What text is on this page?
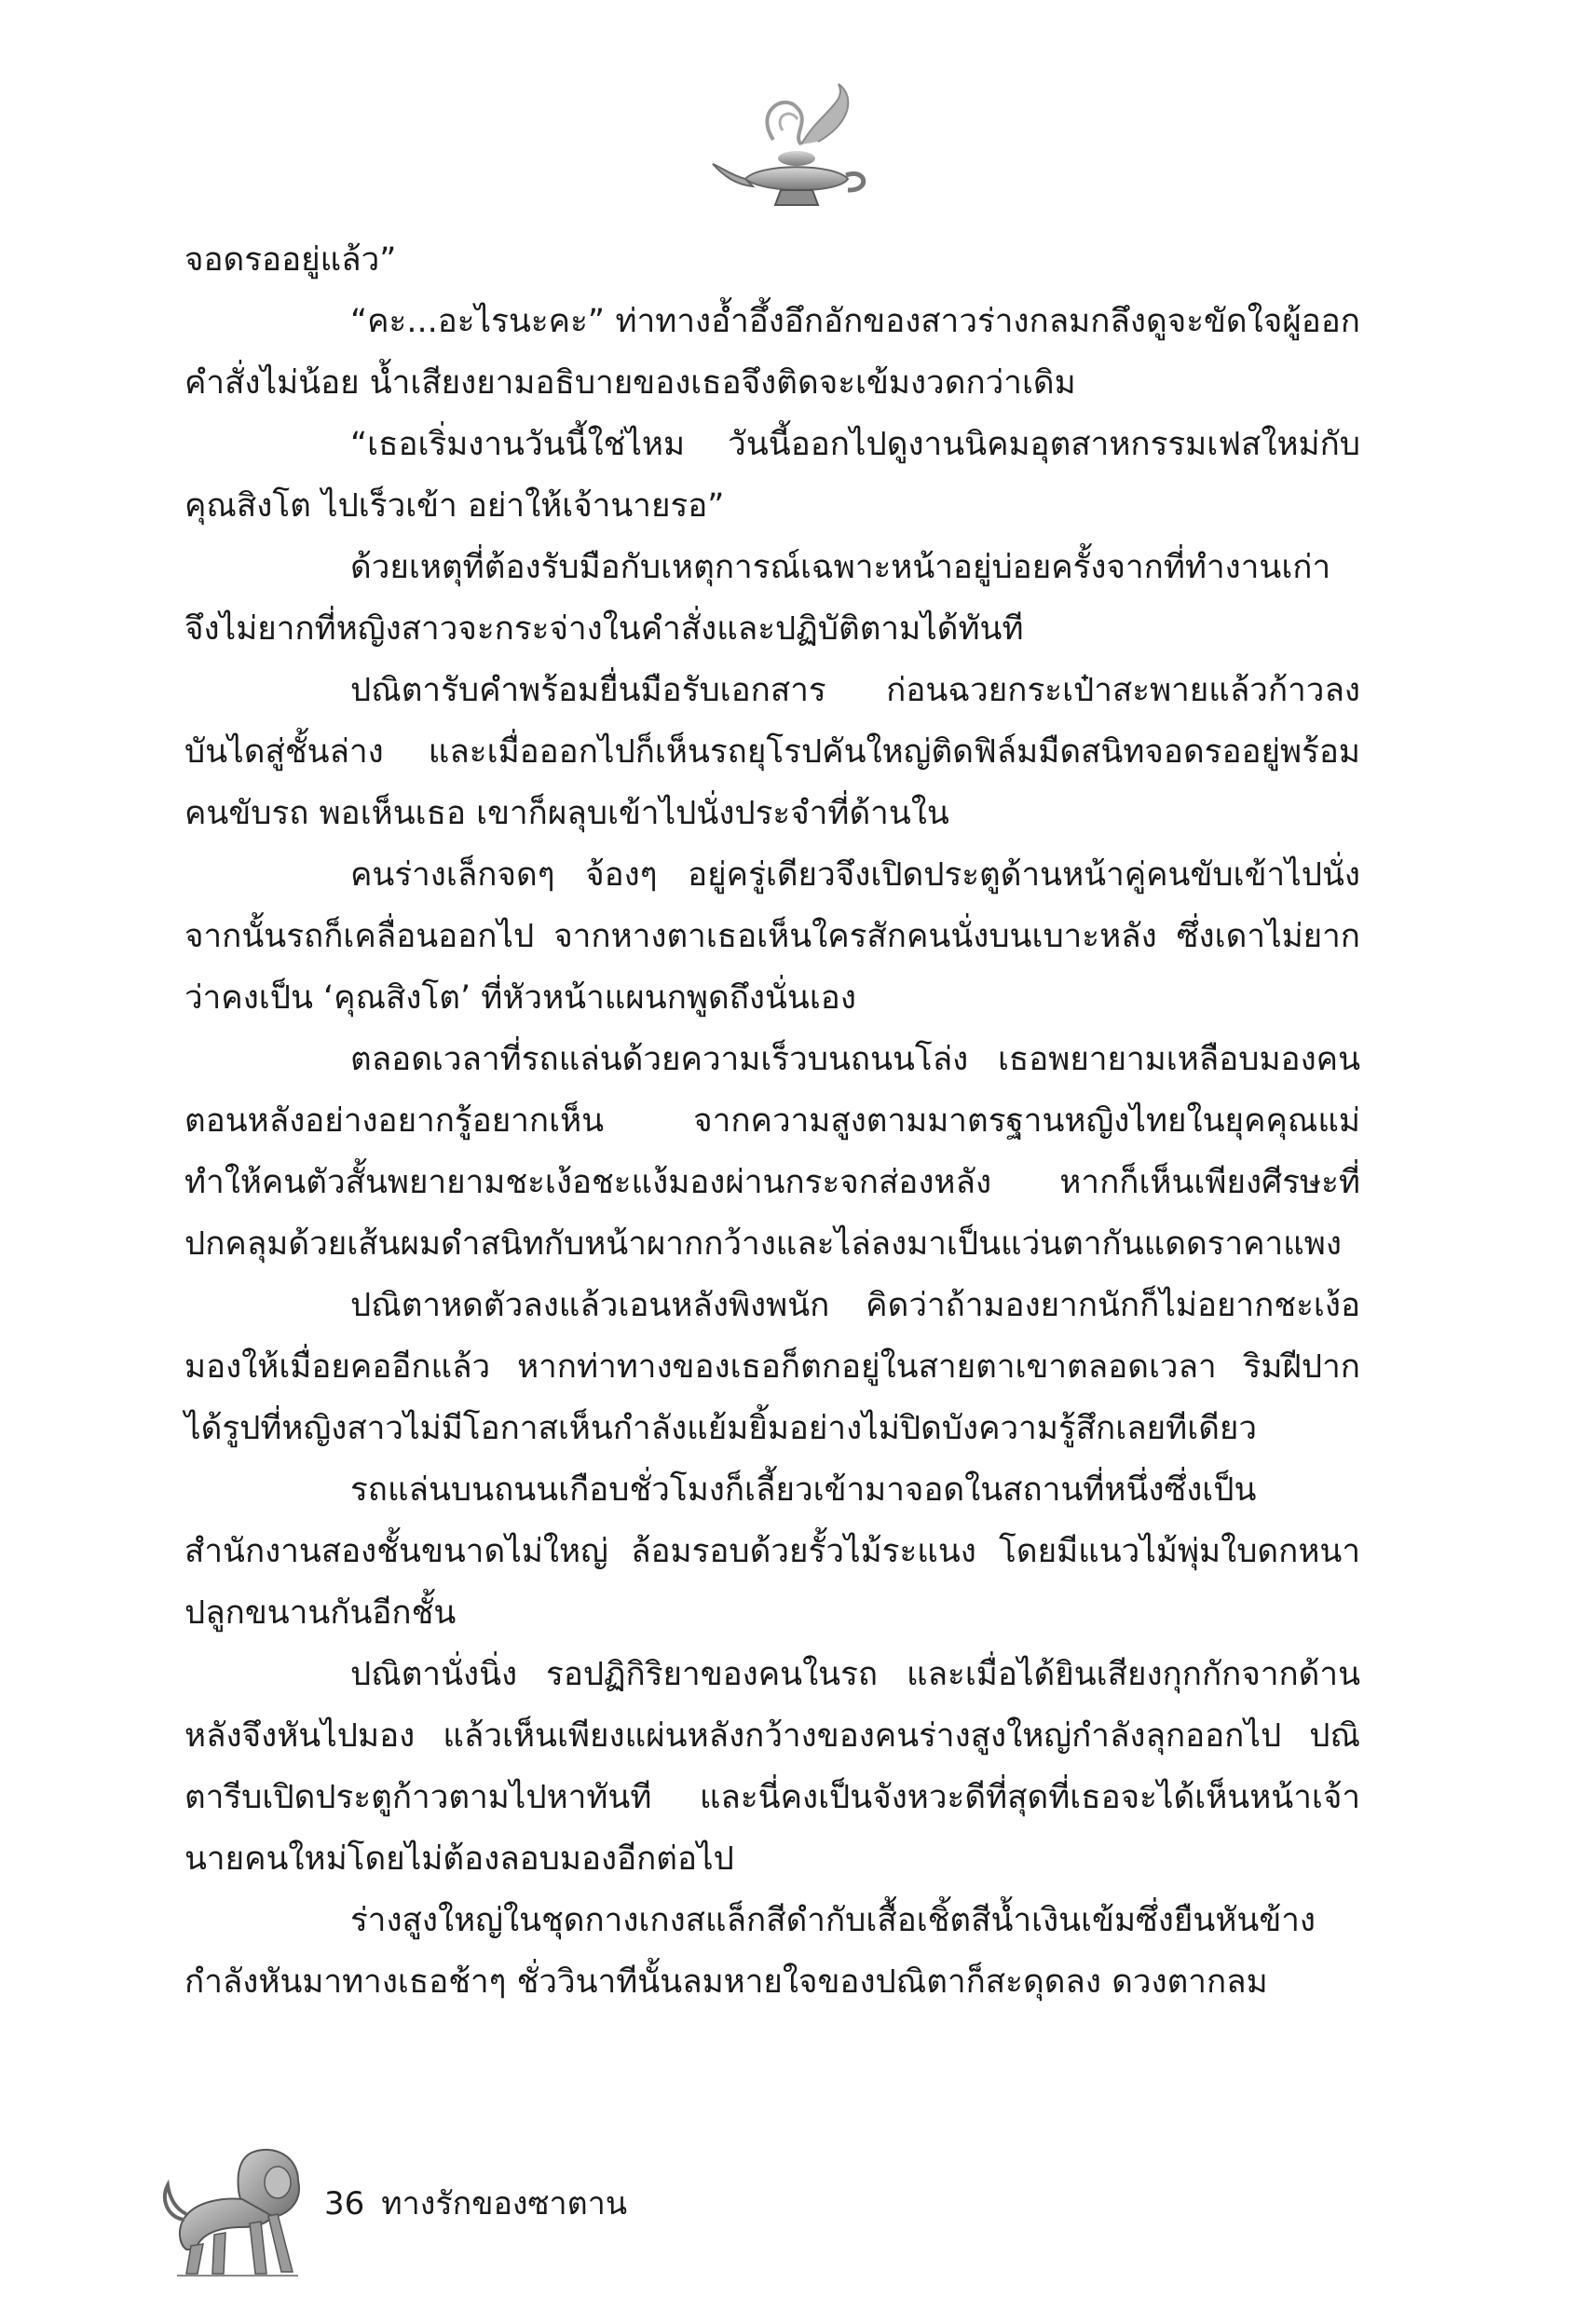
จอดรออยู่แล้ว”

“คะ...อะไรนะคะ” ท่าทางอ้ำอึ้งอึกอักของสาวร่างกลมกลึงดูจะขัดใจผู้ออกคำสั่งไม่น้อย น้ำเสียงยามอธิบายของเธอจึงติดจะเข้มงวดกว่าเดิม

“เธอเริ่มงานวันนี้ใช่ไหม วันนี้ออกไปดูงานนิคมอุตสาหกรรมเฟสใหม่กับคุณสิงโต ไปเร็วเข้า อย่าให้เจ้านายรอ”

ด้วยเหตุที่ต้องรับมือกับเหตุการณ์เฉพาะหน้าอยู่บ่อยครั้งจากที่ทำงานเก่า จึงไม่ยากที่หญิงสาวจะกระจ่างในคำสั่งและปฏิบัติตามได้ทันที

ปณิตารับคำพร้อมยื่นมือรับเอกสาร ก่อนฉวยกระเป๋าสะพายแล้วก้าวลงบันไดสู่ชั้นล่าง และเมื่อออกไปก็เห็นรถยุโรปคันใหญ่ติดฟิล์มมืดสนิทจอดรออยู่พร้อมคนขับรถ พอเห็นเธอ เขาก็ผลุบเข้าไปนั่งประจำที่ด้านใน

คนร่างเล็กจดๆ จ้องๆ อยู่ครู่เดียวจึงเปิดประตูด้านหน้าคู่คนขับเข้าไปนั่ง จากนั้นรถก็เคลื่อนออกไป จากหางตาเธอเห็นใครสักคนนั่งบนเบาะหลัง ซึ่งเดาไม่ยากว่าคงเป็น ‘คุณสิงโต’ ที่หัวหน้าแผนกพูดถึงนั่นเอง

ตลอดเวลาที่รถแล่นด้วยความเร็วบนถนนโล่ง เธอพยายามเหลือบมองคนตอนหลังอย่างอยากรู้อยากเห็น จากความสูงตามมาตรฐานหญิงไทยในยุคคุณแม่ ทำให้คนตัวสั้นพยายามชะเง้อชะแง้มองผ่านกระจกส่องหลัง หากก็เห็นเพียงศีรษะที่ปกคลุมด้วยเส้นผมดำสนิทกับหน้าผากกว้างและไล่ลงมาเป็นแว่นตากันแดดราคาแพง

ปณิตาหดตัวลงแล้วเอนหลังพิงพนัก คิดว่าถ้ามองยากนักก็ไม่อยากชะเง้อมองให้เมื่อยคออีกแล้ว หากท่าทางของเธอก็ตกอยู่ในสายตาเขาตลอดเวลา ริมฝีปากได้รูปที่หญิงสาวไม่มีโอกาสเห็นกำลังแย้มยิ้มอย่างไม่ปิดบังความรู้สึกเลยทีเดียว

รถแล่นบนถนนเกือบชั่วโมงก็เลี้ยวเข้ามาจอดในสถานที่หนึ่งซึ่งเป็นสำนักงานสองชั้นขนาดไม่ใหญ่ ล้อมรอบด้วยรั้วไม้ระแนง โดยมีแนวไม้พุ่มใบดกหนาปลูกขนานกันอีกชั้น

ปณิตานั่งนิ่ง รอปฏิกิริยาของคนในรถ และเมื่อได้ยินเสียงกุกกักจากด้านหลังจึงหันไปมอง แล้วเห็นเพียงแผ่นหลังกว้างของคนร่างสูงใหญ่กำลังลุกออกไป ปณิตารีบเปิดประตูก้าวตามไปหาทันที และนี่คงเป็นจังหวะดีที่สุดที่เธอจะได้เห็นหน้าเจ้านายคนใหม่โดยไม่ต้องลอบมองอีกต่อไป

ร่างสูงใหญ่ในชุดกางเกงสแล็กสีดำกับเสื้อเชิ้ตสีน้ำเงินเข้มซึ่งยืนหันข้างกำลังหันมาทางเธอช้าๆ ชั่ววินาทีนั้นลมหายใจของปณิตาก็สะดุดลง ดวงตากลม

36 ทางรักของซาตาน
